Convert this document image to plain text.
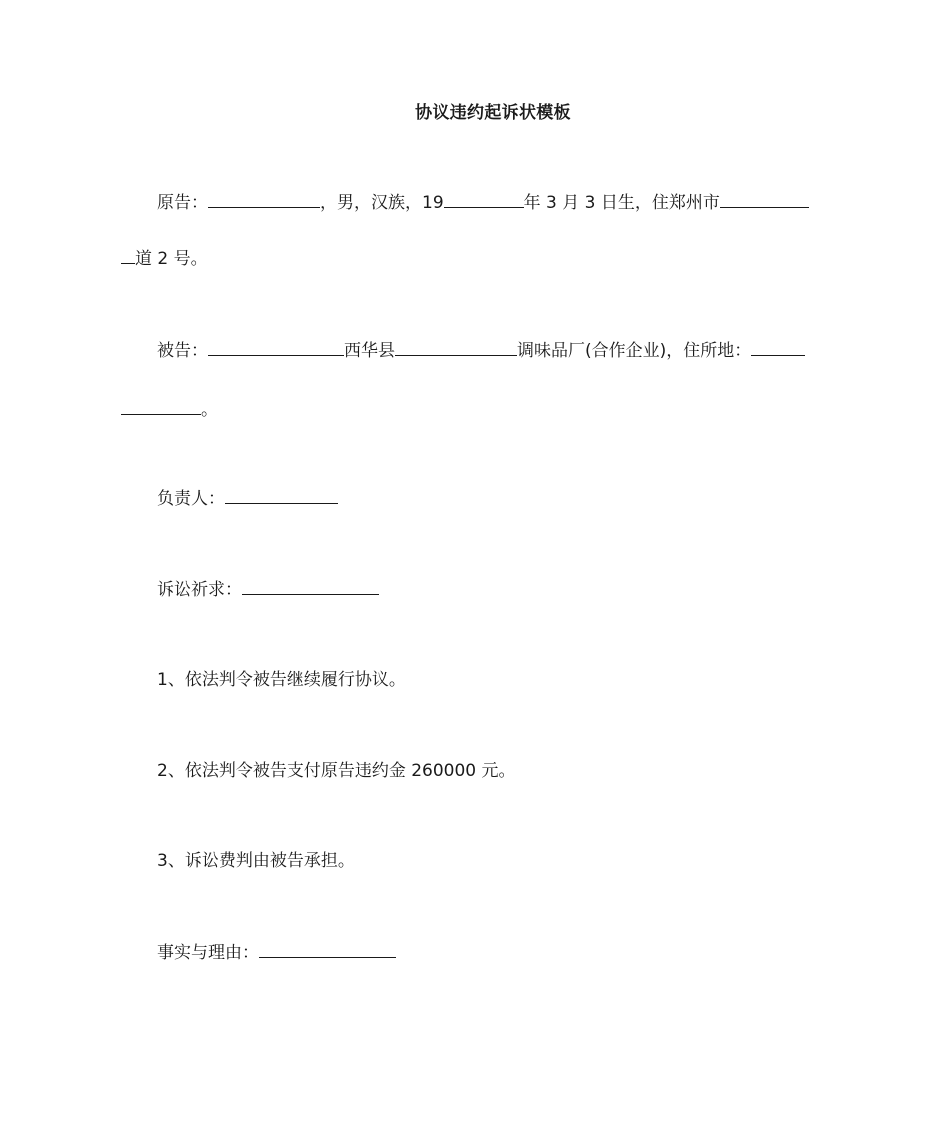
协议违约起诉状模板
原告：	，男，汉族，19	年 3 月 3 日生，住郑州市
道 2 号。
被告：	西华县	调味品厂(合作企业)，住所地：
。
负责人：
诉讼祈求：
1、依法判令被告继续履行协议。
2、依法判令被告支付原告违约金 260000 元。
3、诉讼费判由被告承担。
事实与理由：
